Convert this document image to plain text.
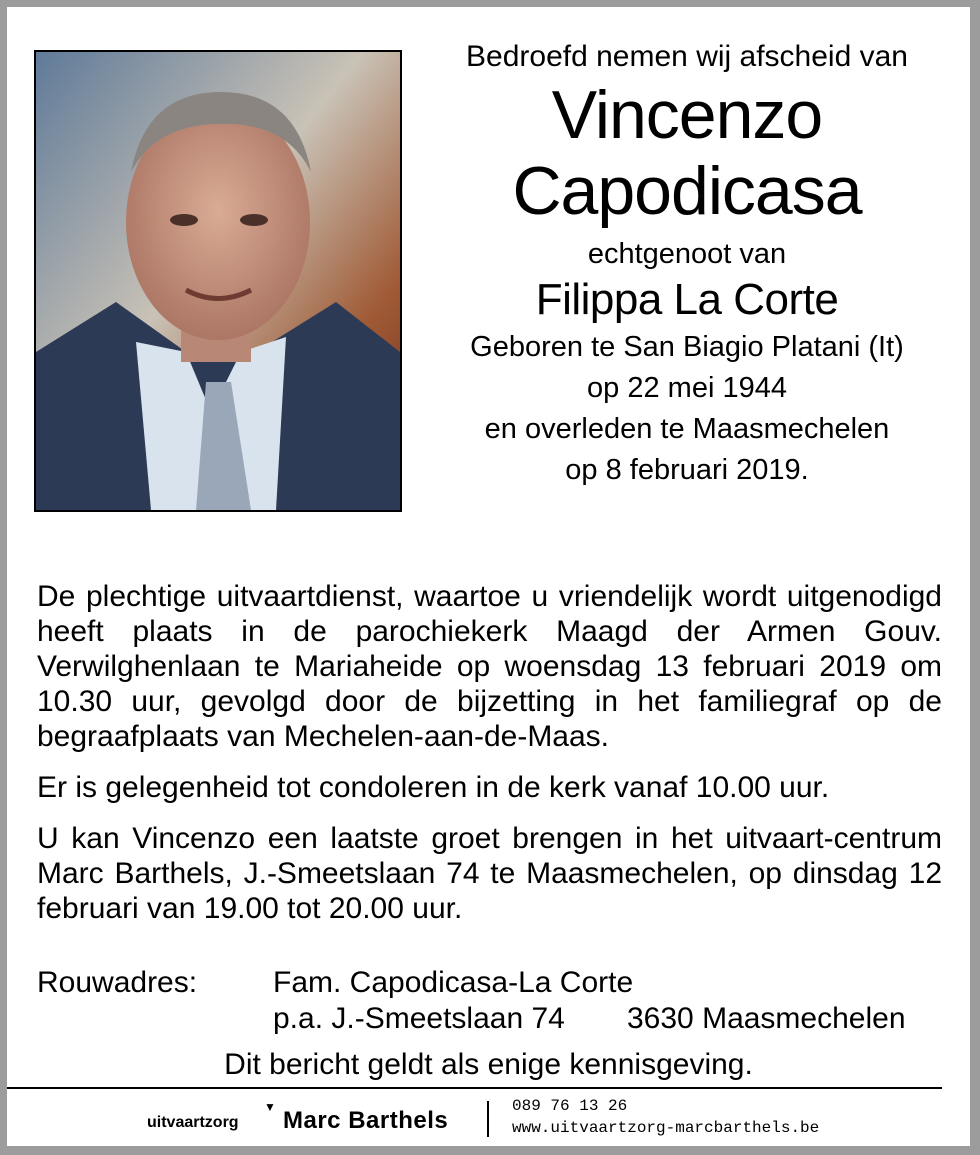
Bedroefd nemen wij afscheid van
Vincenzo
Capodicasa
echtgenoot van
Filippa La Corte
Geboren te San Biagio Platani (It)
op 22 mei 1944
en overleden te Maasmechelen
op 8 februari 2019.

De plechtige uitvaartdienst, waartoe u vriendelijk wordt uitgenodigd heeft plaats in de parochiekerk Maagd der Armen Gouv. Verwilghenlaan te Mariaheide op woensdag 13 februari 2019 om 10.30 uur, gevolgd door de bijzetting in het familiegraf op de begraafplaats van Mechelen-aan-de-Maas.

Er is gelegenheid tot condoleren in de kerk vanaf 10.00 uur.

U kan Vincenzo een laatste groet brengen in het uitvaart-centrum Marc Barthels, J.-Smeetslaan 74 te Maasmechelen, op dinsdag 12 februari van 19.00 tot 20.00 uur.

Rouwadres:	Fam. Capodicasa-La Corte
p.a. J.-Smeetslaan 74 3630 Maasmechelen
Dit bericht geldt als enige kennisgeving.
uitvaartzorg
▼ Marc Barthels
089 76 13 26
www.uitvaartzorg-marcbarthels.be
